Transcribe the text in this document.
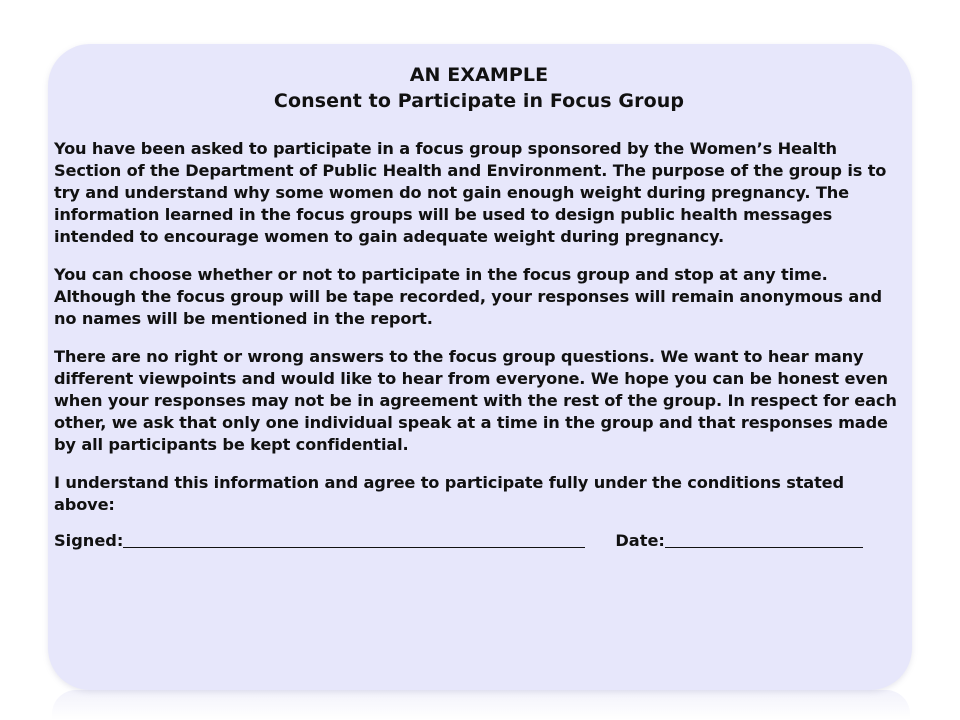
AN EXAMPLE
Consent to Participate in Focus Group

You have been asked to participate in a focus group sponsored by the Women’s Health Section of the Department of Public Health and Environment. The purpose of the group is to try and understand why some women do not gain enough weight during pregnancy. The information learned in the focus groups will be used to design public health messages intended to encourage women to gain adequate weight during pregnancy.

You can choose whether or not to participate in the focus group and stop at any time. Although the focus group will be tape recorded, your responses will remain anonymous and no names will be mentioned in the report.

There are no right or wrong answers to the focus group questions. We want to hear many different viewpoints and would like to hear from everyone. We hope you can be honest even when your responses may not be in agreement with the rest of the group. In respect for each other, we ask that only one individual speak at a time in the group and that responses made by all participants be kept confidential.

I understand this information and agree to participate fully under the conditions stated above:

Signed:	Date:
